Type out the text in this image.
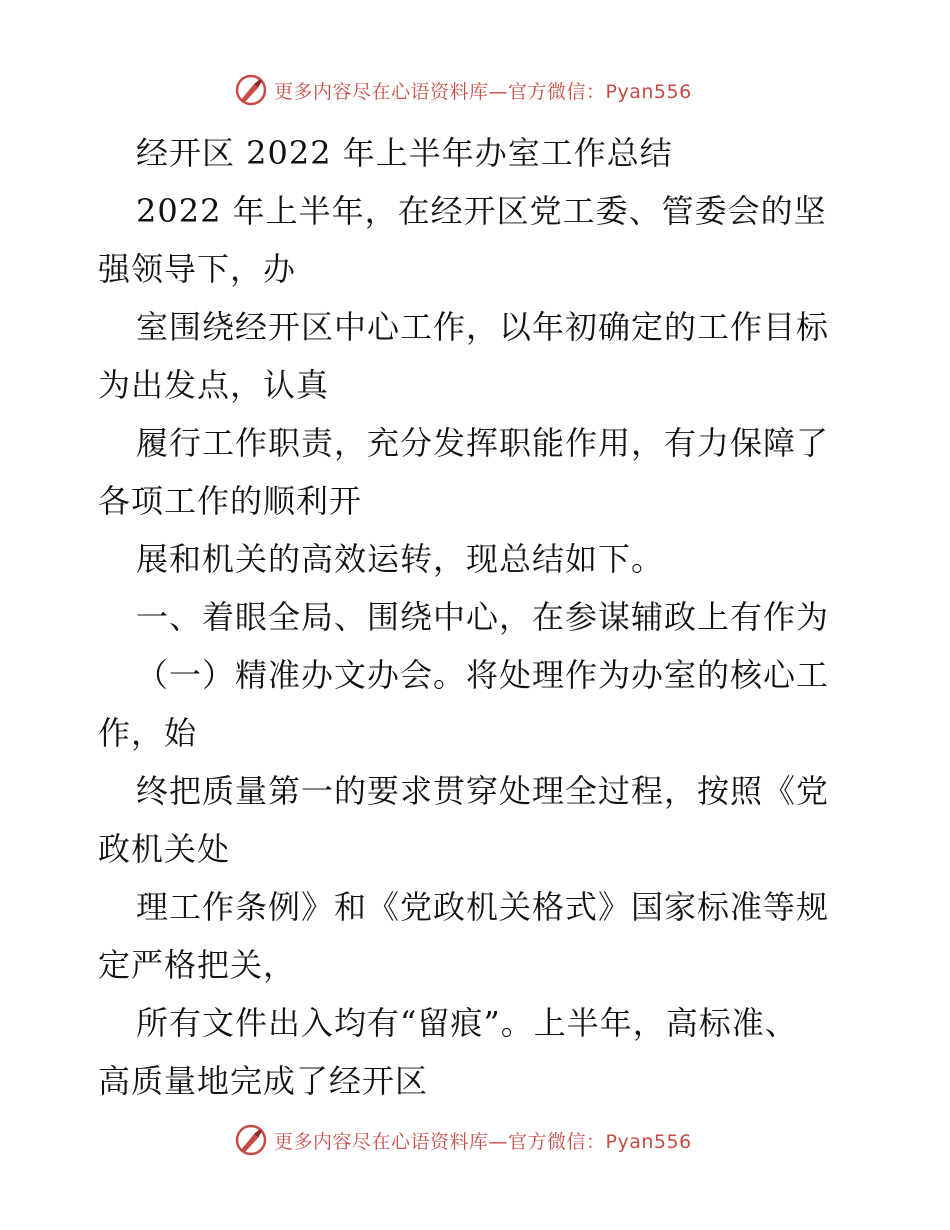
更多内容尽在心语资料库—官方微信：Pyan556
经开区 2022 年上半年办室工作总结
2022 年上半年，在经开区党工委、管委会的坚
强领导下，办
室围绕经开区中心工作，以年初确定的工作目标
为出发点，认真
履行工作职责，充分发挥职能作用，有力保障了
各项工作的顺利开
展和机关的高效运转，现总结如下。
一、着眼全局、围绕中心，在参谋辅政上有作为
（一）精准办文办会。将处理作为办室的核心工
作，始
终把质量第一的要求贯穿处理全过程，按照《党
政机关处
理工作条例》和《党政机关格式》国家标准等规
定严格把关，
所有文件出入均有“留痕”。上半年，高标准、
高质量地完成了经开区
更多内容尽在心语资料库—官方微信：Pyan556
